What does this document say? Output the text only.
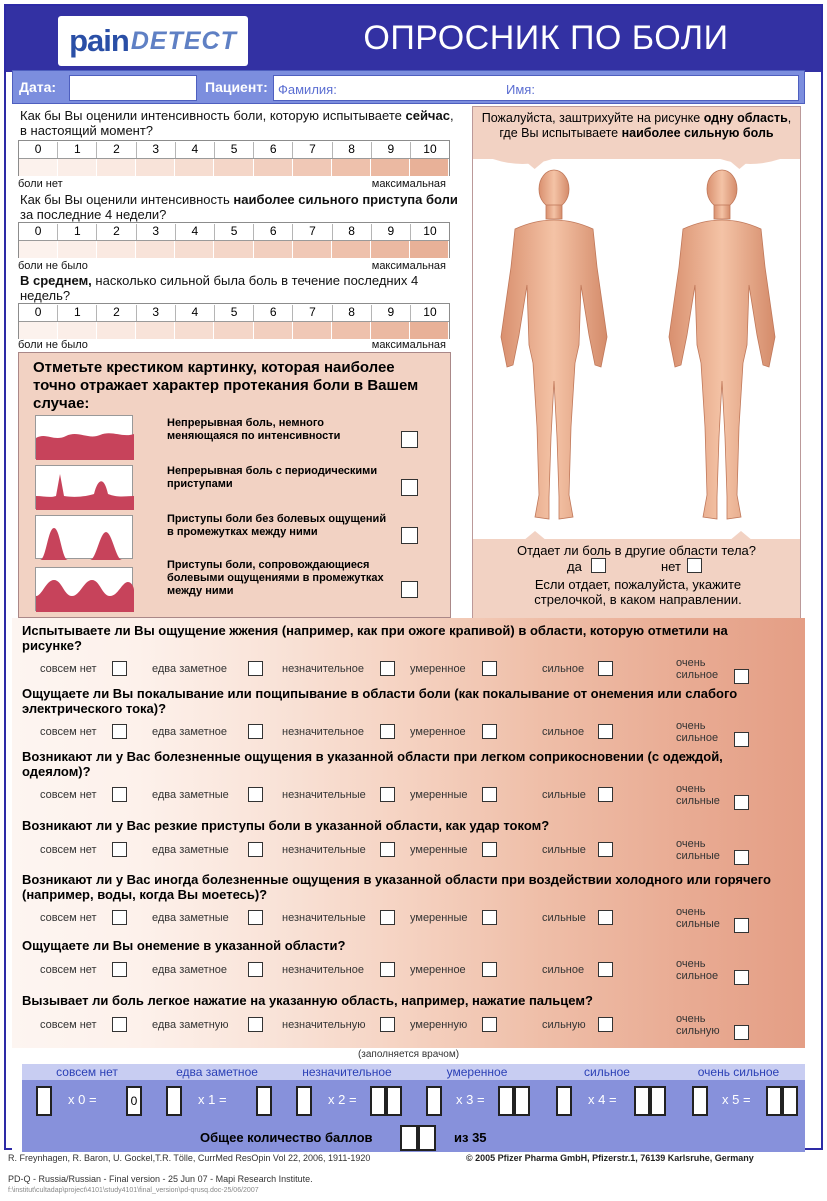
pain DETECT	ОПРОСНИК ПО БОЛИ
Дата:	Пациент: Фамилия:	Имя:
Как бы Вы оценили интенсивность боли, которую испытываете сейчас, в настоящий момент?
0	1	2	3	4	5	6	7	8	9	10
боли нет	максимальная
Как бы Вы оценили интенсивность наиболее сильного приступа боли за последние 4 недели?
0	1	2	3	4	5	6	7	8	9	10
боли не было	максимальная
В среднем, насколько сильной была боль в течение последних 4 недель?
0	1	2	3	4	5	6	7	8	9	10
боли не было	максимальная
Отметьте крестиком картинку, которая наиболее точно отражает характер протекания боли в Вашем случае:
Непрерывная боль, немного меняющаяся по интенсивности
Непрерывная боль с периодическими приступами
Приступы боли без болевых ощущений в промежутках между ними
Приступы боли, сопровождающиеся болевыми ощущениями в промежутках между ними
Пожалуйста, заштрихуйте на рисунке одну область, где Вы испытываете наиболее сильную боль
Отдает ли боль в другие области тела?
да	нет
Если отдает, пожалуйста, укажите стрелочкой, в каком направлении.
Испытываете ли Вы ощущение жжения (например, как при ожоге крапивой) в области, которую отметили на рисунке?
совсем нет	едва заметное	незначительное	умеренное	сильное	очень сильное
Ощущаете ли Вы покалывание или пощипывание в области боли (как покалывание от онемения или слабого электрического тока)?
совсем нет	едва заметное	незначительное	умеренное	сильное	очень сильное
Возникают ли у Вас болезненные ощущения в указанной области при легком соприкосновении (с одеждой, одеялом)?
совсем нет	едва заметные	незначительные	умеренные	сильные	очень сильные
Возникают ли у Вас резкие приступы боли в указанной области, как удар током?
совсем нет	едва заметные	незначительные	умеренные	сильные	очень сильные
Возникают ли у Вас иногда болезненные ощущения в указанной области при воздействии холодного или горячего (например, воды, когда Вы моетесь)?
совсем нет	едва заметные	незначительные	умеренные	сильные	очень сильные
Ощущаете ли Вы онемение в указанной области?
совсем нет	едва заметное	незначительное	умеренное	сильное	очень сильное
Вызывает ли боль легкое нажатие на указанную область, например, нажатие пальцем?
совсем нет	едва заметную	незначительную	умеренную	сильную	очень сильную
(заполняется врачом)
совсем нет	едва заметное	незначительное	умеренное	сильное	очень сильное
x 0 =	0	x 1 =	x 2 =	x 3 =	x 4 =	x 5 =
Общее количество баллов	из 35
R. Freynhagen, R. Baron, U. Gockel,T.R. Tölle, CurrMed ResOpin Vol 22, 2006, 1911-1920	© 2005 Pfizer Pharma GmbH, Pfizerstr.1, 76139 Karlsruhe, Germany
PD-Q - Russia/Russian - Final version - 25 Jun 07 - Mapi Research Institute.
f:\institut\cultadap\project\4101\study4101\final_version\pd-qrusq.doc-25/06/2007
